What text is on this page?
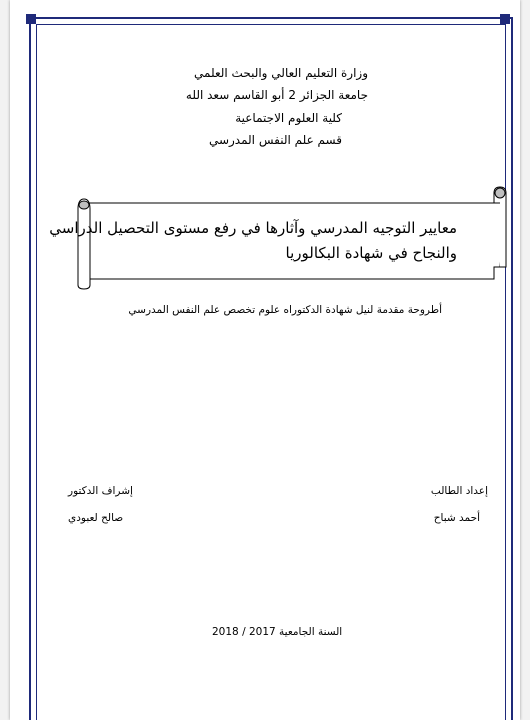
وزارة التعليم العالي والبحث العلمي
جامعة الجزائر 2 أبو القاسم سعد الله
كلية العلوم الاجتماعية
قسم علم النفس المدرسي
معايير التوجيه المدرسي وآثارها في رفع مستوى التحصيل الدراسي
والنجاح في شهادة البكالوريا
أطروحة مقدمة لنيل شهادة الدكتوراه علوم تخصص علم النفس المدرسي
إعداد الطالب
أحمد شباح
إشراف الدكتور
صالح لعبودي
السنة الجامعية 2017 / 2018
